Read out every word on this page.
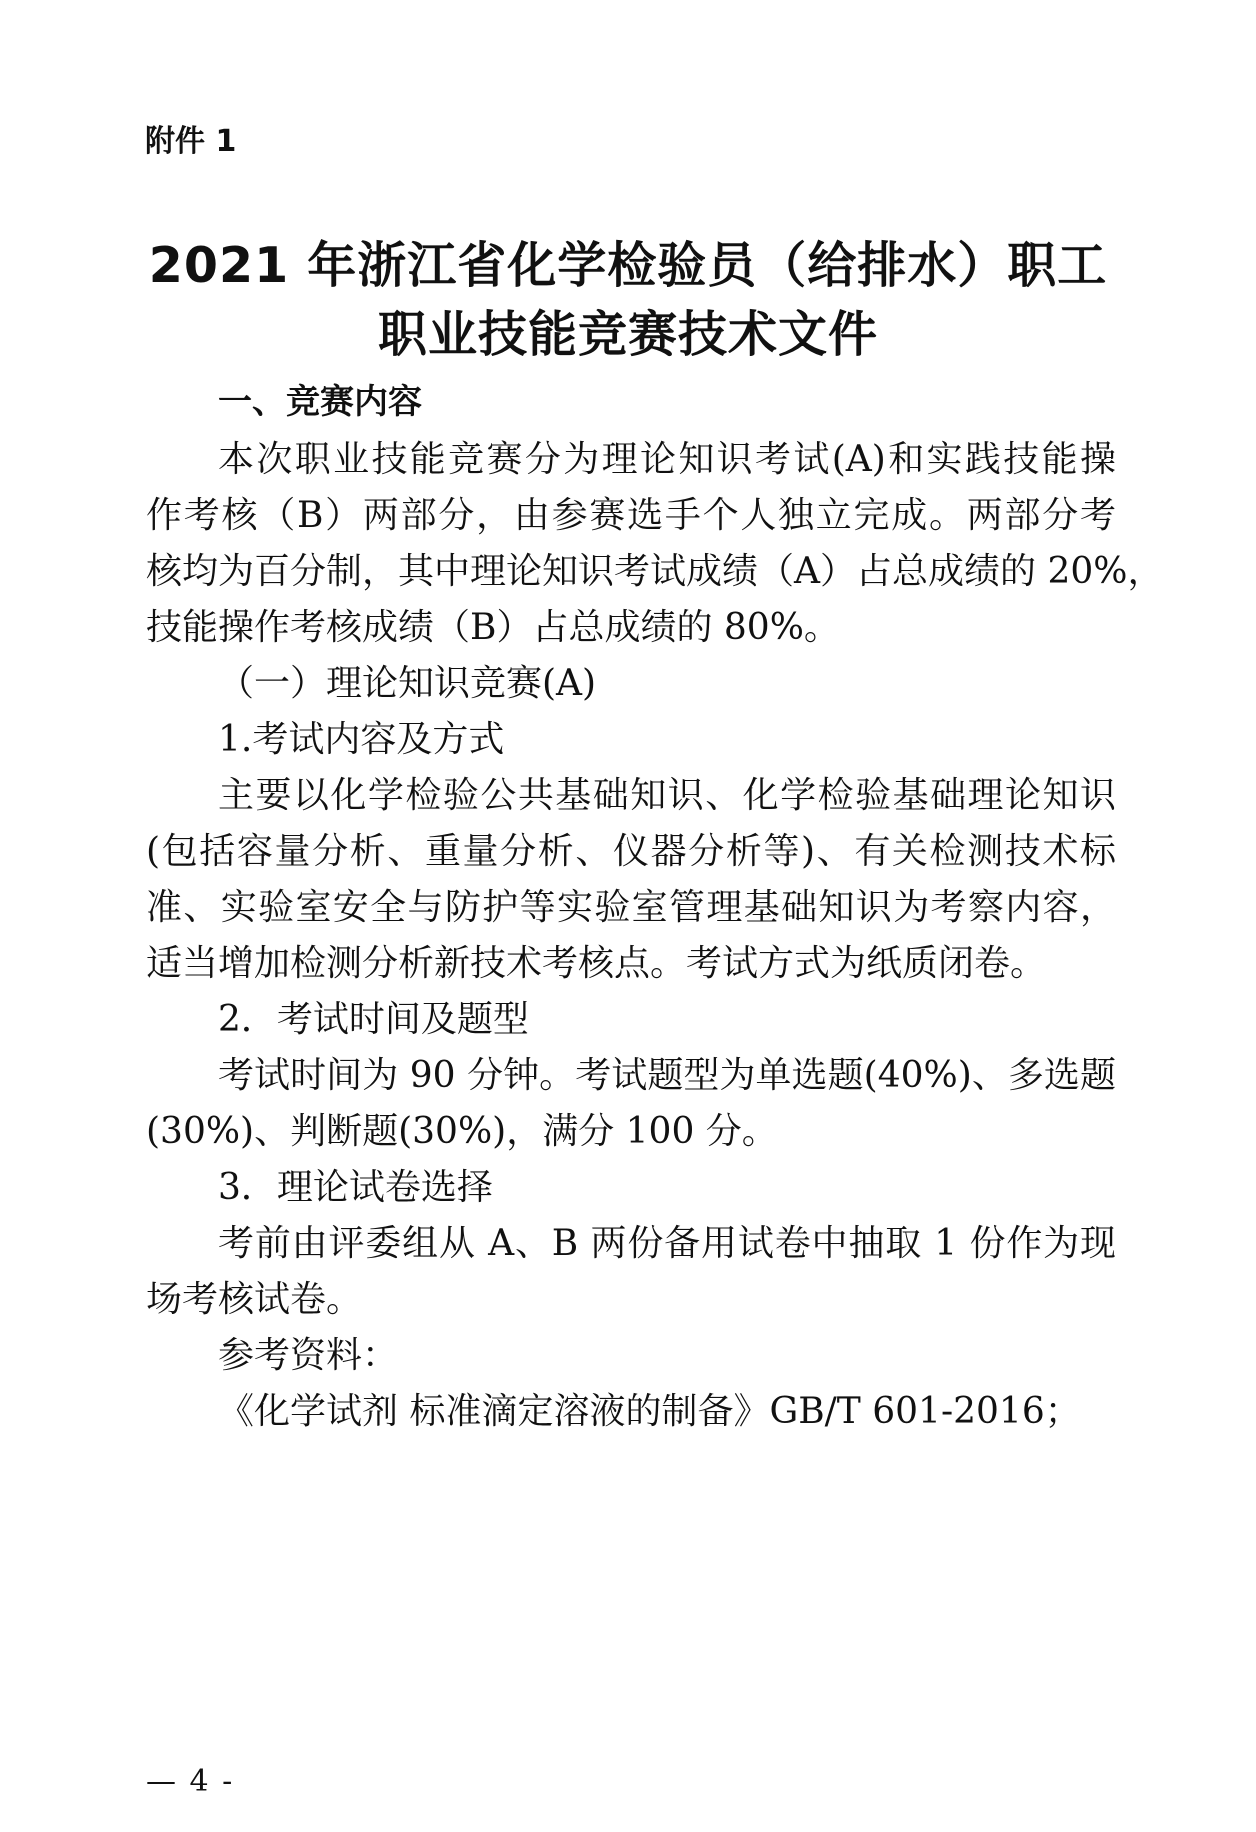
附件 1
2021 年浙江省化学检验员（给排水）职工
职业技能竞赛技术文件
一、竞赛内容
本次职业技能竞赛分为理论知识考试(A)和实践技能操
作考核（B）两部分，由参赛选手个人独立完成。两部分考
核均为百分制，其中理论知识考试成绩（A）占总成绩的 20%，
技能操作考核成绩（B）占总成绩的 80%。
（一）理论知识竞赛(A)
1.考试内容及方式
主要以化学检验公共基础知识、化学检验基础理论知识
(包括容量分析、重量分析、仪器分析等)、有关检测技术标
准、实验室安全与防护等实验室管理基础知识为考察内容，
适当增加检测分析新技术考核点。考试方式为纸质闭卷。
2．考试时间及题型
考试时间为 90 分钟。考试题型为单选题(40%)、多选题
(30%)、判断题(30%)，满分 100 分。
3．理论试卷选择
考前由评委组从 A、B 两份备用试卷中抽取 1 份作为现
场考核试卷。
参考资料：
《化学试剂 标准滴定溶液的制备》GB/T 601-2016；
— 4 -
